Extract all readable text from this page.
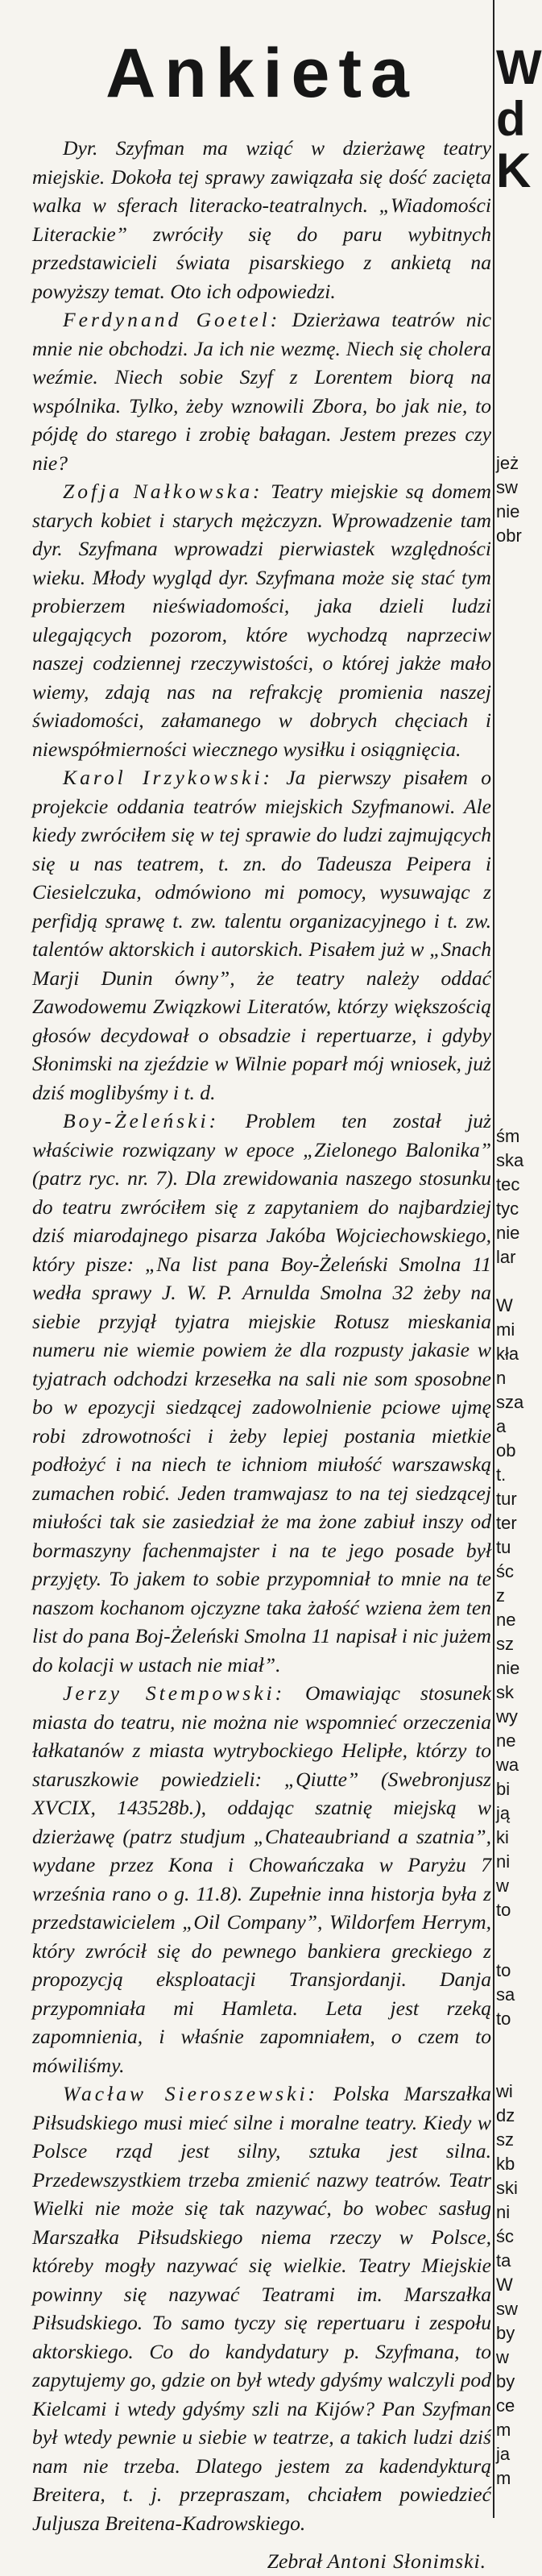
Ankieta

Dyr. Szyfman ma wziąć w dzierżawę teatry miejskie. Dokoła tej sprawy zawiązała się dość zacięta walka w sferach literacko-teatralnych. „Wiadomości Literackie” zwróciły się do paru wybitnych przedstawicieli świata pisarskiego z ankietą na powyższy temat. Oto ich odpowiedzi.

Ferdynand Goetel: Dzierżawa teatrów nic mnie nie obchodzi. Ja ich nie wezmę. Niech się cholera weźmie. Niech sobie Szyf z Lorentem biorą na wspólnika. Tylko, żeby wznowili Zbora, bo jak nie, to pójdę do starego i zrobię bałagan. Jestem prezes czy nie?

Zofja Nałkowska: Teatry miejskie są domem starych kobiet i starych mężczyzn. Wprowadzenie tam dyr. Szyfmana wprowadzi pierwiastek względności wieku. Młody wygląd dyr. Szyfmana może się stać tym probierzem nieświadomości, jaka dzieli ludzi ulegających pozorom, które wychodzą naprzeciw naszej codziennej rzeczywistości, o której jakże mało wiemy, zdają nas na refrakcję promienia naszej świadomości, załamanego w dobrych chęciach i niewspółmierności wiecznego wysiłku i osiągnięcia.

Karol Irzykowski: Ja pierwszy pisałem o projekcie oddania teatrów miejskich Szyfmanowi. Ale kiedy zwróciłem się w tej sprawie do ludzi zajmujących się u nas teatrem, t. zn. do Tadeusza Peipera i Ciesielczuka, odmówiono mi pomocy, wysuwając z perfidją sprawę t. zw. talentu organizacyjnego i t. zw. talentów aktorskich i autorskich. Pisałem już w „Snach Marji Dunin ówny”, że teatry należy oddać Zawodowemu Związkowi Literatów, którzy większością głosów decydował o obsadzie i repertuarze, i gdyby Słonimski na zjeździe w Wilnie poparł mój wniosek, już dziś moglibyśmy i t. d.

Boy-Żeleński: Problem ten został już właściwie rozwiązany w epoce „Zielonego Balonika” (patrz ryc. nr. 7). Dla zrewidowania naszego stosunku do teatru zwróciłem się z zapytaniem do najbardziej dziś miarodajnego pisarza Jakóba Wojciechowskiego, który pisze: „Na list pana Boy-Żeleński Smolna 11 wedła sprawy J. W. P. Arnulda Smolna 32 żeby na siebie przyjął tyjatra miejskie Rotusz mieskania numeru nie wiemie powiem że dla rozpusty jakasie w tyjatrach odchodzi krzesełka na sali nie som sposobne bo w epozycji siedzącej zadowolnienie pciowe ujmę robi zdrowotności i żeby lepiej postania mietkie podłożyć i na niech te ichniom miułość warszawską zumachen robić. Jeden tramwajasz to na tej siedzącej miułości tak sie zasiedział że ma żone zabiuł inszy od bormaszyny fachenmajster i na te jego posade był przyjęty. To jakem to sobie przypomniał to mnie na te naszom kochanom ojczyzne taka żałość wziena żem ten list do pana Boj-Żeleński Smolna 11 napisał i nic jużem do kolacji w ustach nie miał”.

Jerzy Stempowski: Omawiając stosunek miasta do teatru, nie można nie wspomnieć orzeczenia łałkatanów z miasta wytrybockiego Helipłe, którzy to staruszkowie powiedzieli: „Qiutte” (Swebronjusz XVCIX, 143528b.), oddając szatnię miejską w dzierżawę (patrz studjum „Chateaubriand a szatnia”, wydane przez Kona i Chowańczaka w Paryżu 7 września rano o g. 11.8). Zupełnie inna historja była z przedstawicielem „Oil Company”, Wildorfem Herrym, który zwrócił się do pewnego bankiera greckiego z propozycją eksploatacji Transjordanji. Danja przypomniała mi Hamleta. Leta jest rzeką zapomnienia, i właśnie zapomniałem, o czem to mówiliśmy.

Wacław Sieroszewski: Polska Marszałka Piłsudskiego musi mieć silne i moralne teatry. Kiedy w Polsce rząd jest silny, sztuka jest silna. Przedewszystkiem trzeba zmienić nazwy teatrów. Teatr Wielki nie może się tak nazywać, bo wobec sasług Marszałka Piłsudskiego niema rzeczy w Polsce, któreby mogły nazywać się wielkie. Teatry Miejskie powinny się nazywać Teatrami im. Marszałka Piłsudskiego. To samo tyczy się repertuaru i zespołu aktorskiego. Co do kandydatury p. Szyfmana, to zapytujemy go, gdzie on był wtedy gdyśmy walczyli pod Kielcami i wtedy gdyśmy szli na Kijów? Pan Szyfman był wtedy pewnie u siebie w teatrze, a takich ludzi dziś nam nie trzeba. Dlatego jestem za kadendykturą Breitera, t. j. przepraszam, chciałem powiedzieć Juljusza Breitena-Kadrowskiego.

Zebrał Antoni Słonimski.
W
d
K
jeż
sw
nie
obr
śm
ska
tec
tyc
nie
lar
W
mi
kła
n
sza
a
ob
t.
tur
ter
tu
śc
z
ne
sz
nie
sk
wy
ne
wa
bi
ją
ki
ni
w
to
to
sa
to
wi
dz
sz
kb
ski
ni
śc
ta
W
sw
by
w
by
ce
m
ja
m
